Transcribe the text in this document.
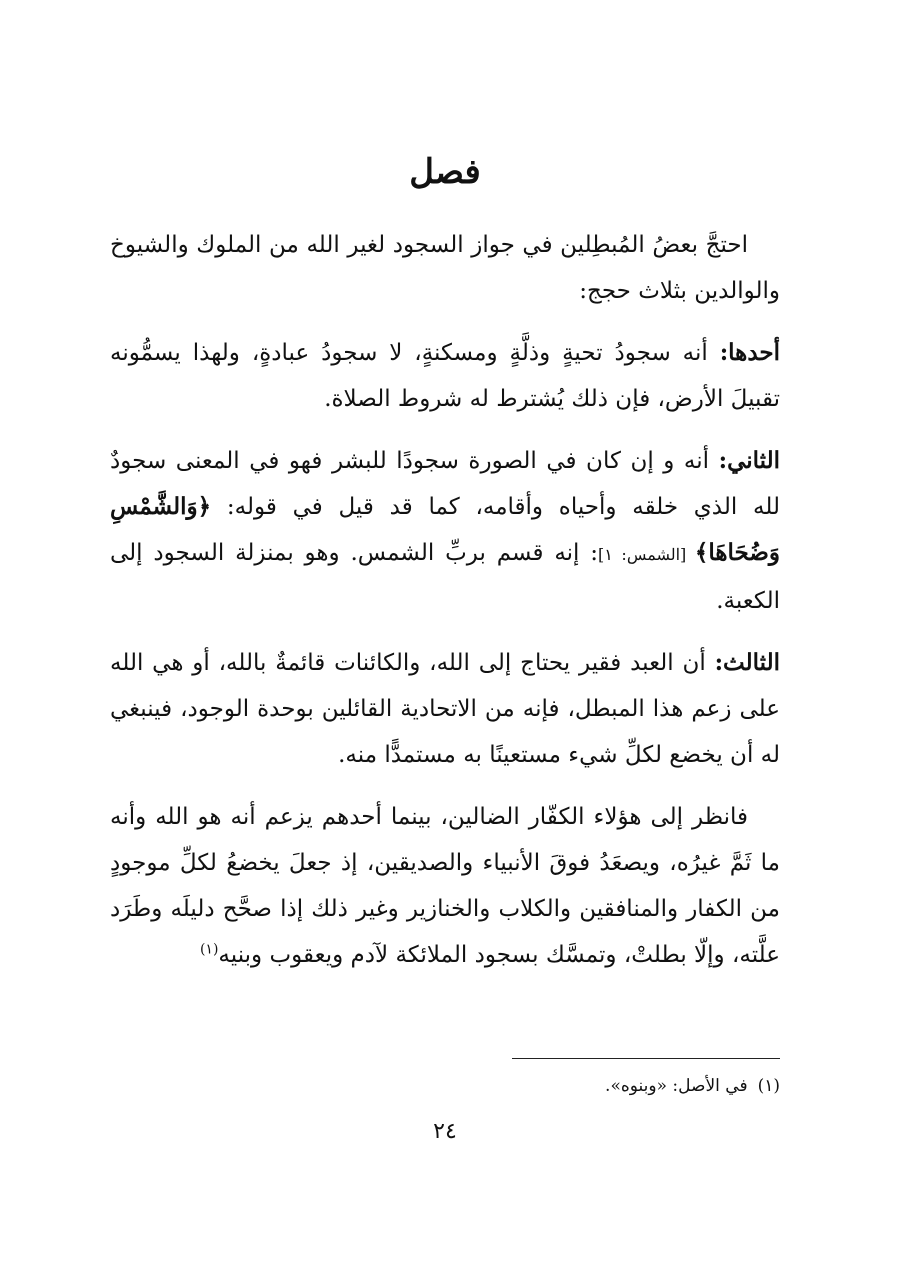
فصل

احتجَّ بعضُ المُبطِلين في جواز السجود لغير الله من الملوك والشيوخ والوالدين بثلاث حجج:

أحدها: أنه سجودُ تحيةٍ وذلَّةٍ ومسكنةٍ، لا سجودُ عبادةٍ، ولهذا يسمُّونه تقبيلَ الأرض، فإن ذلك يُشترط له شروط الصلاة.

الثاني: أنه و إن كان في الصورة سجودًا للبشر فهو في المعنى سجودٌ لله الذي خلقه وأحياه وأقامه، كما قد قيل في قوله: ﴿وَالشَّمْسِ وَضُحَاهَا﴾ [الشمس: ١]: إنه قسم بربِّ الشمس. وهو بمنزلة السجود إلى الكعبة.

الثالث: أن العبد فقير يحتاج إلى الله، والكائنات قائمةٌ بالله، أو هي الله على زعم هذا المبطل، فإنه من الاتحادية القائلين بوحدة الوجود، فينبغي له أن يخضع لكلِّ شيء مستعينًا به مستمدًّا منه.

فانظر إلى هؤلاء الكفّار الضالين، بينما أحدهم يزعم أنه هو الله وأنه ما ثَمَّ غيرُه، ويصعَدُ فوقَ الأنبياء والصديقين، إذ جعلَ يخضعُ لكلِّ موجودٍ من الكفار والمنافقين والكلاب والخنازير وغير ذلك إذا صحَّح دليلَه وطَرَد علَّته، وإلّا بطلتْ، وتمسَّك بسجود الملائكة لآدم ويعقوب وبنيه$^{(١)}$

(١)في الأصل: «وبنوه».
٢٤
